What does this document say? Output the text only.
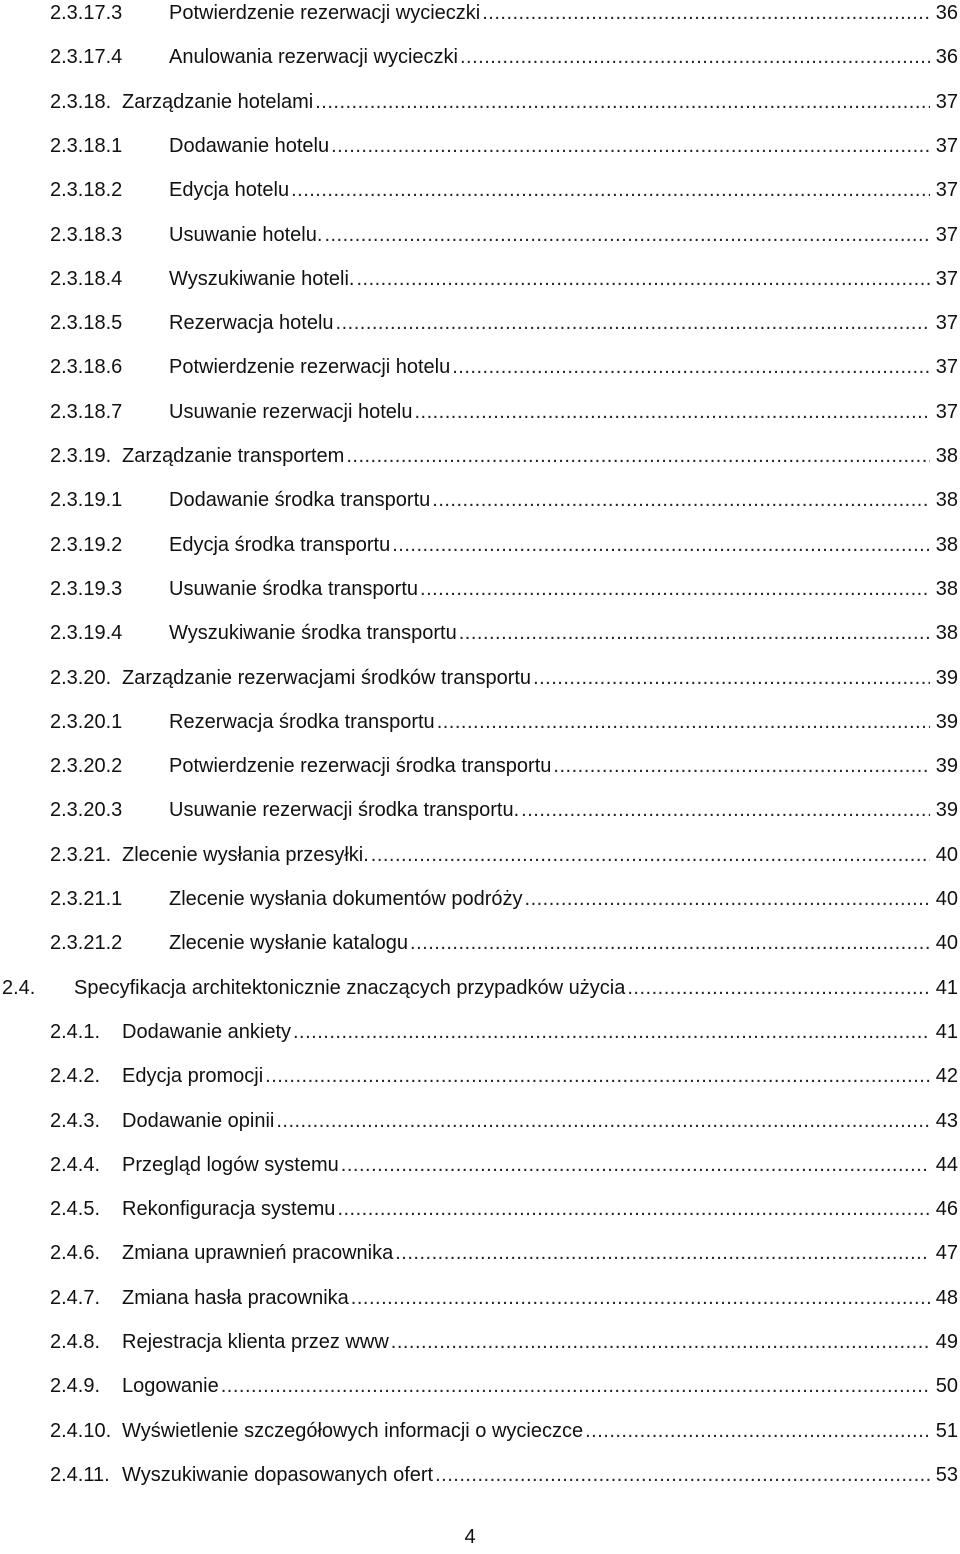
2.3.17.3 Potwierdzenie rezerwacji wycieczki .....	36
2.3.17.4 Anulowania rezerwacji wycieczki .....	36
2.3.18. Zarządzanie hotelami .....	37
2.3.18.1 Dodawanie hotelu .....	37
2.3.18.2 Edycja hotelu .....	37
2.3.18.3 Usuwanie hotelu. .....	37
2.3.18.4 Wyszukiwanie hoteli. .....	37
2.3.18.5 Rezerwacja hotelu .....	37
2.3.18.6 Potwierdzenie rezerwacji hotelu .....	37
2.3.18.7 Usuwanie rezerwacji hotelu .....	37
2.3.19. Zarządzanie transportem .....	38
2.3.19.1 Dodawanie środka transportu .....	38
2.3.19.2 Edycja środka transportu .....	38
2.3.19.3 Usuwanie środka transportu .....	38
2.3.19.4 Wyszukiwanie środka transportu .....	38
2.3.20. Zarządzanie rezerwacjami środków transportu .....	39
2.3.20.1 Rezerwacja środka transportu .....	39
2.3.20.2 Potwierdzenie rezerwacji środka transportu .....	39
2.3.20.3 Usuwanie rezerwacji środka transportu. .....	39
2.3.21. Zlecenie wysłania przesyłki. .....	40
2.3.21.1 Zlecenie wysłania dokumentów podróży .....	40
2.3.21.2 Zlecenie wysłanie katalogu .....	40
2.4. Specyfikacja architektonicznie znaczących przypadków użycia .....	41
2.4.1. Dodawanie ankiety .....	41
2.4.2. Edycja promocji .....	42
2.4.3. Dodawanie opinii .....	43
2.4.4. Przegląd logów systemu .....	44
2.4.5. Rekonfiguracja systemu .....	46
2.4.6. Zmiana uprawnień pracownika .....	47
2.4.7. Zmiana hasła pracownika .....	48
2.4.8. Rejestracja klienta przez www .....	49
2.4.9. Logowanie .....	50
2.4.10. Wyświetlenie szczegółowych informacji o wycieczce .....	51
2.4.11. Wyszukiwanie dopasowanych ofert .....	53
4
